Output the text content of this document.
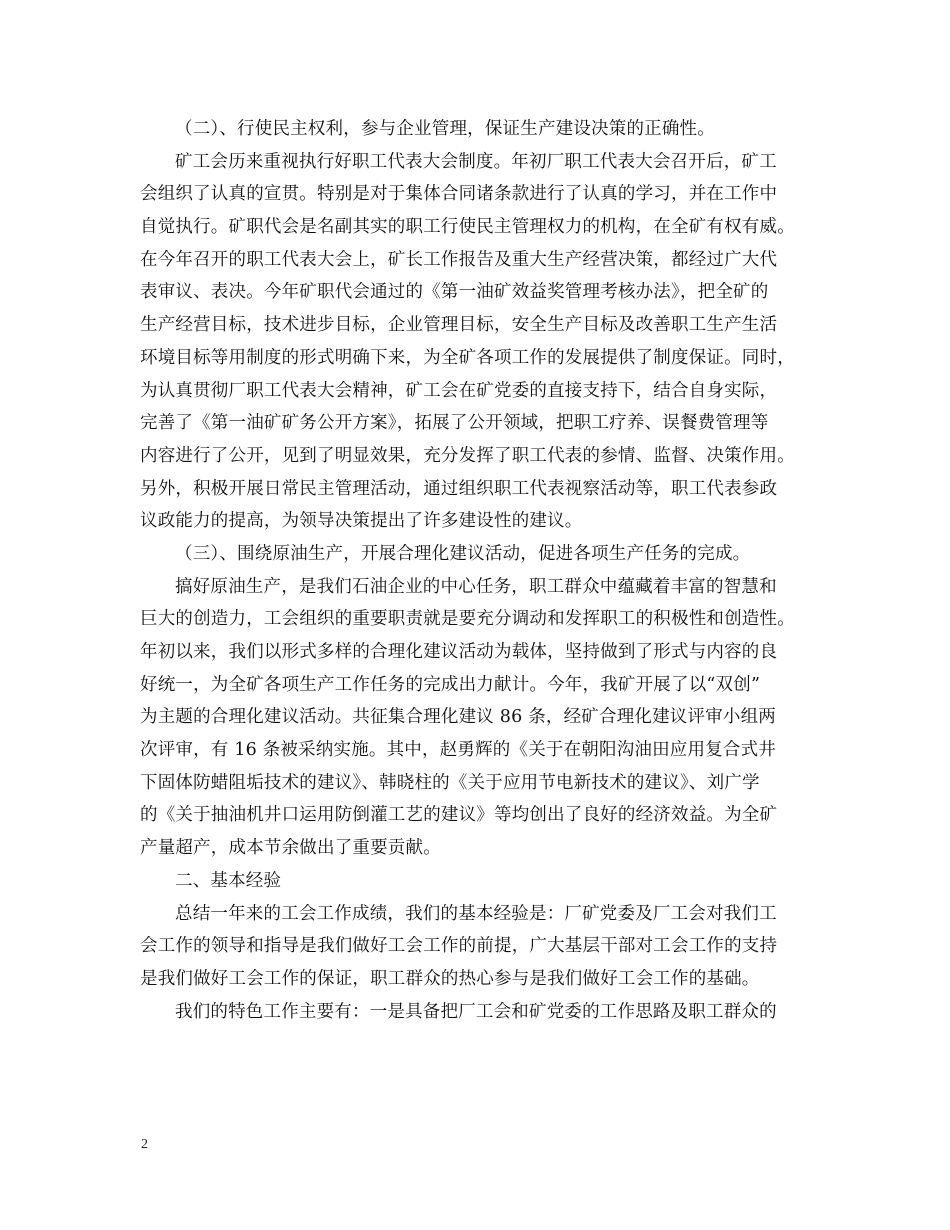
（二）、行使民主权利，参与企业管理，保证生产建设决策的正确性。
矿工会历来重视执行好职工代表大会制度。年初厂职工代表大会召开后，矿工
会组织了认真的宣贯。特别是对于集体合同诸条款进行了认真的学习，并在工作中
自觉执行。矿职代会是名副其实的职工行使民主管理权力的机构，在全矿有权有威。
在今年召开的职工代表大会上，矿长工作报告及重大生产经营决策，都经过广大代
表审议、表决。今年矿职代会通过的《第一油矿效益奖管理考核办法》，把全矿的
生产经营目标，技术进步目标，企业管理目标，安全生产目标及改善职工生产生活
环境目标等用制度的形式明确下来，为全矿各项工作的发展提供了制度保证。同时，
为认真贯彻厂职工代表大会精神，矿工会在矿党委的直接支持下，结合自身实际，
完善了《第一油矿矿务公开方案》，拓展了公开领域，把职工疗养、误餐费管理等
内容进行了公开，见到了明显效果，充分发挥了职工代表的参情、监督、决策作用。
另外，积极开展日常民主管理活动，通过组织职工代表视察活动等，职工代表参政
议政能力的提高，为领导决策提出了许多建设性的建议。
（三）、围绕原油生产，开展合理化建议活动，促进各项生产任务的完成。
搞好原油生产，是我们石油企业的中心任务，职工群众中蕴藏着丰富的智慧和
巨大的创造力，工会组织的重要职责就是要充分调动和发挥职工的积极性和创造性。
年初以来，我们以形式多样的合理化建议活动为载体，坚持做到了形式与内容的良
好统一，为全矿各项生产工作任务的完成出力献计。今年，我矿开展了以“双创”
为主题的合理化建议活动。共征集合理化建议 86 条，经矿合理化建议评审小组两
次评审，有 16 条被采纳实施。其中，赵勇辉的《关于在朝阳沟油田应用复合式井
下固体防蜡阻垢技术的建议》、韩晓柱的《关于应用节电新技术的建议》、刘广学
的《关于抽油机井口运用防倒灌工艺的建议》等均创出了良好的经济效益。为全矿
产量超产，成本节余做出了重要贡献。
二、基本经验
总结一年来的工会工作成绩，我们的基本经验是：厂矿党委及厂工会对我们工
会工作的领导和指导是我们做好工会工作的前提，广大基层干部对工会工作的支持
是我们做好工会工作的保证，职工群众的热心参与是我们做好工会工作的基础。
我们的特色工作主要有：一是具备把厂工会和矿党委的工作思路及职工群众的
2
